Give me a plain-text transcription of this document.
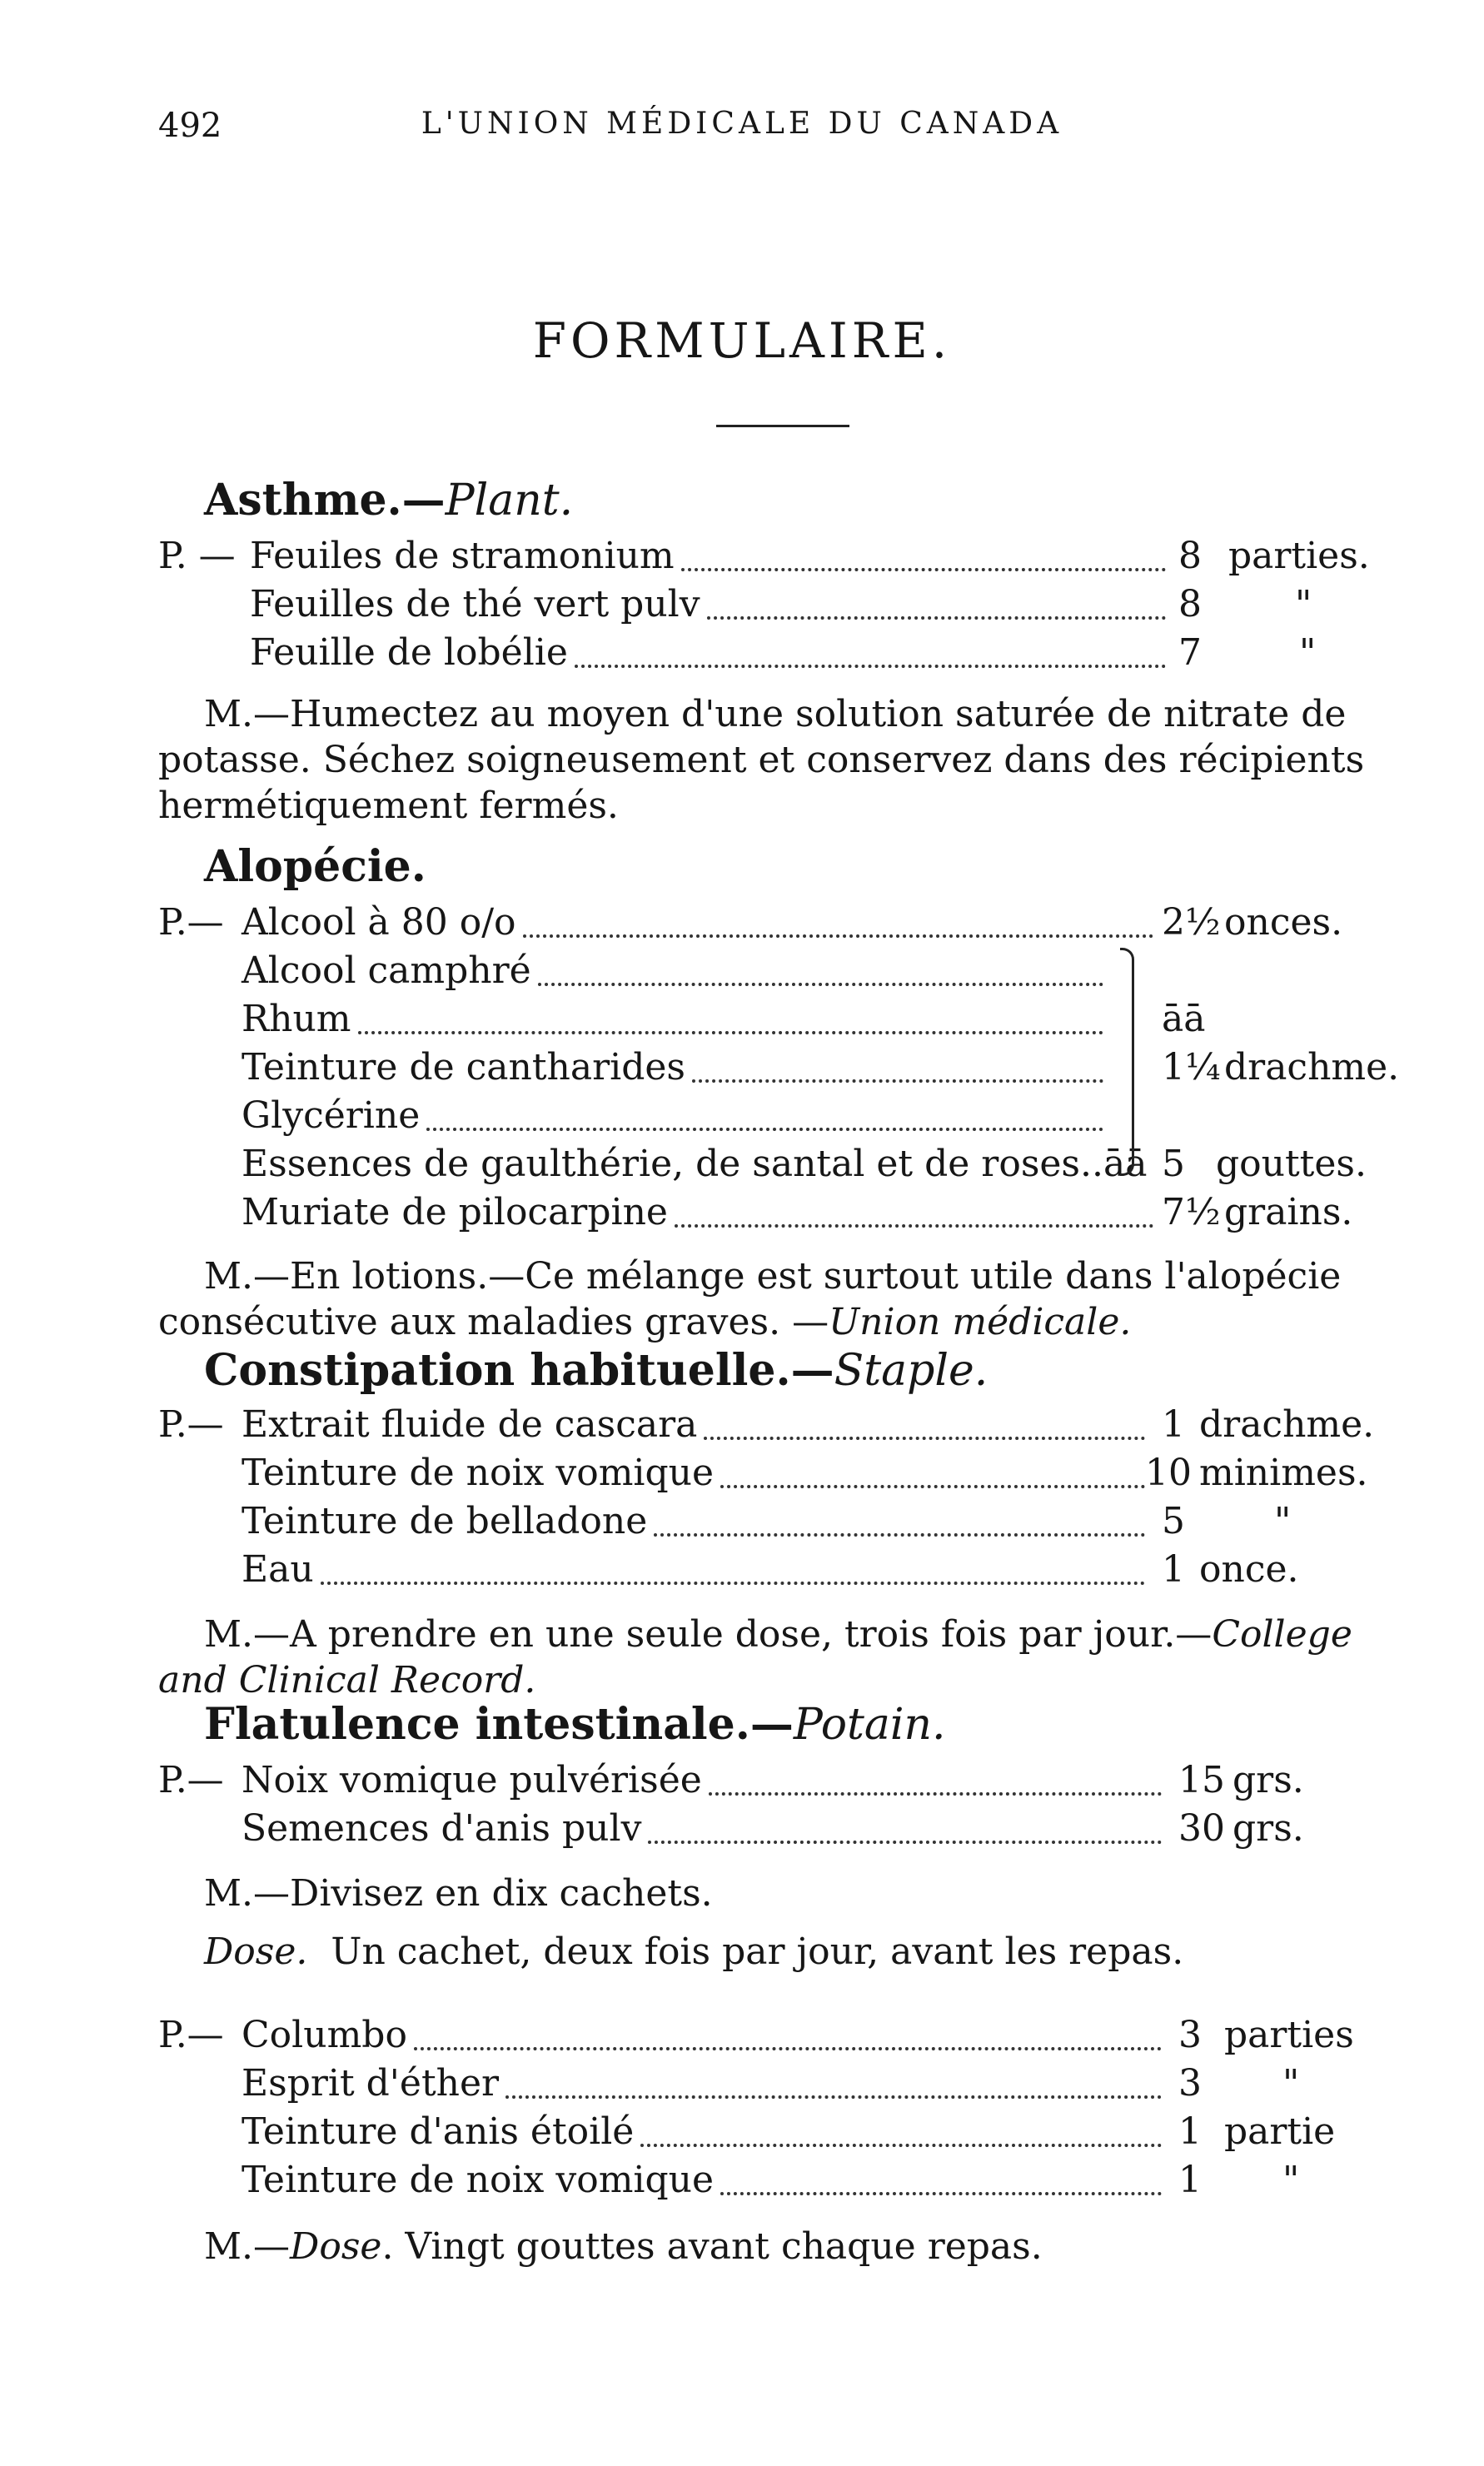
492	L'UNION MÉDICALE DU CANADA
FORMULAIRE.
Asthme.—Plant.
P. — Feuiles de stramonium	8 parties.
Feuilles de thé vert pulv	8	"
Feuille de lobélie	7	"
M.—Humectez au moyen d'une solution saturée de nitrate de
potasse. Séchez soigneusement et conservez dans des récipients
hermétiquement fermés.
Alopécie.
P.— Alcool à 80 o/o	2½ onces.
Alcool camphré
Rhum	āā
Teinture de cantharides	1¼ drachme.
Glycérine
Essences de gaulthérie, de santal et de roses..āā 5 gouttes.
Muriate de pilocarpine	7½ grains.
M.—En lotions.—Ce mélange est surtout utile dans l'alopécie
consécutive aux maladies graves. —Union médicale.
Constipation habituelle.—Staple.
P.— Extrait fluide de cascara	1 drachme.
Teinture de noix vomique	10 minimes.
Teinture de belladone	5 "
Eau	1 once.
M.—A prendre en une seule dose, trois fois par jour.—College
and Clinical Record.
Flatulence intestinale.—Potain.
P.— Noix vomique pulvérisée	15 grs.
Semences d'anis pulv	30 grs.
M.—Divisez en dix cachets.
Dose. Un cachet, deux fois par jour, avant les repas.
P.— Columbo	3 parties
Esprit d'éther	3 "
Teinture d'anis étoilé	1 partie
Teinture de noix vomique	1 "
M.—Dose. Vingt gouttes avant chaque repas.
